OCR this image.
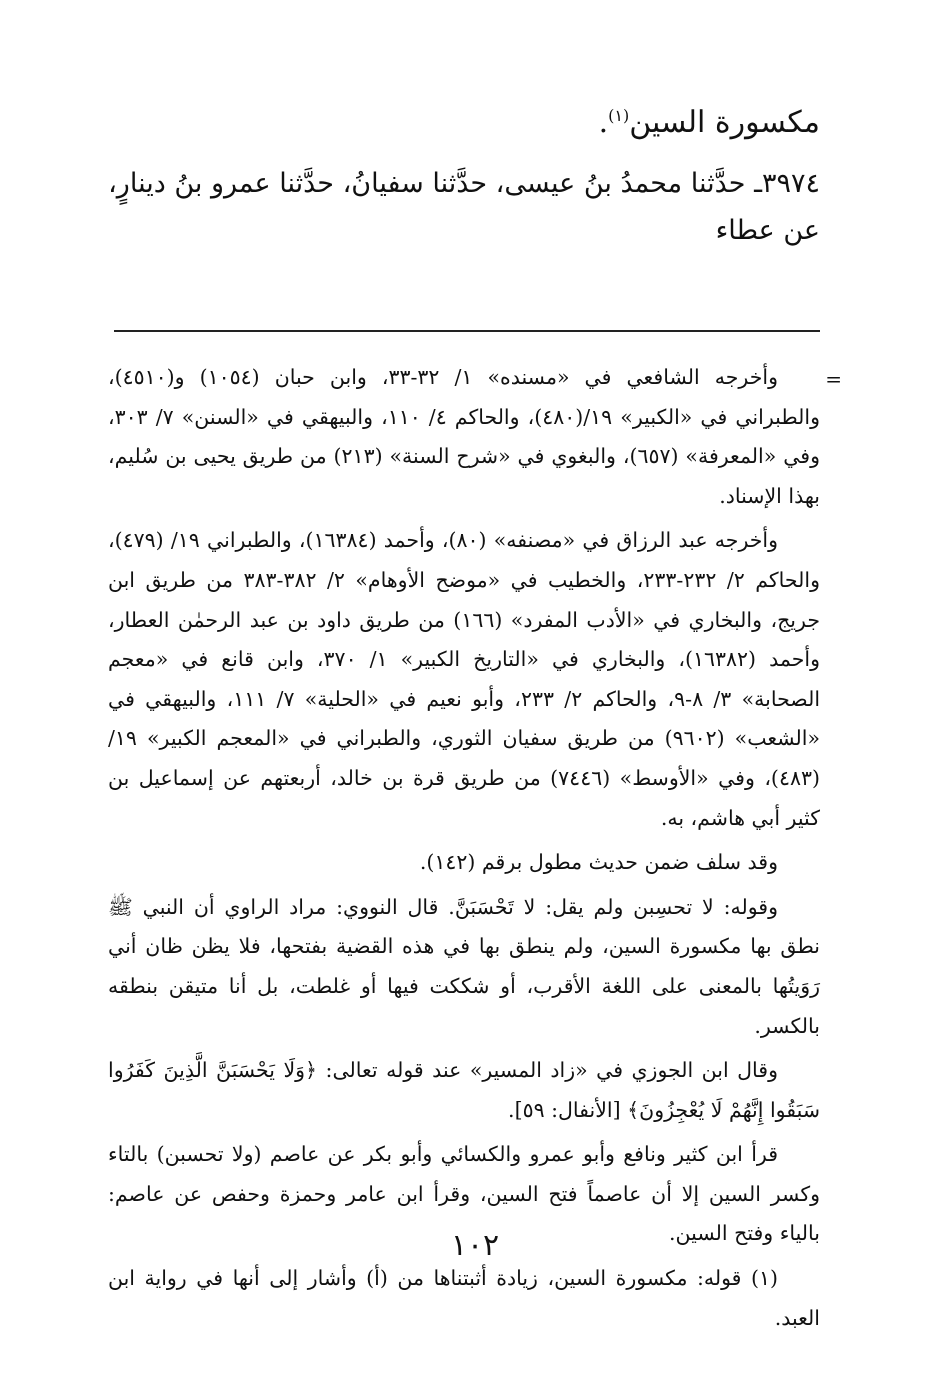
مكسورة السين$^{(١)}$.

٣٩٧٤ـ حدَّثنا محمدُ بنُ عيسى، حدَّثنا سفيانُ، حدَّثنا عمرو بنُ دينارٍ،

عن عطاء

=

وأخرجه الشافعي في «مسنده» ١/ ٣٢-٣٣، وابن حبان (١٠٥٤) و(٤٥١٠)، والطبراني في «الكبير» ١٩/(٤٨٠)، والحاكم ٤/ ١١٠، والبيهقي في «السنن» ٧/ ٣٠٣، وفي «المعرفة» (٦٥٧)، والبغوي في «شرح السنة» (٢١٣) من طريق يحيى بن سُليم، بهذا الإسناد.

وأخرجه عبد الرزاق في «مصنفه» (٨٠)، وأحمد (١٦٣٨٤)، والطبراني ١٩/ (٤٧٩)، والحاكم ٢/ ٢٣٢-٢٣٣، والخطيب في «موضح الأوهام» ٢/ ٣٨٢-٣٨٣ من طريق ابن جريج، والبخاري في «الأدب المفرد» (١٦٦) من طريق داود بن عبد الرحمٰن العطار، وأحمد (١٦٣٨٢)، والبخاري في «التاريخ الكبير» ١/ ٣٧٠، وابن قانع في «معجم الصحابة» ٣/ ٨-٩، والحاكم ٢/ ٢٣٣، وأبو نعيم في «الحلية» ٧/ ١١١، والبيهقي في «الشعب» (٩٦٠٢) من طريق سفيان الثوري، والطبراني في «المعجم الكبير» ١٩/ (٤٨٣)، وفي «الأوسط» (٧٤٤٦) من طريق قرة بن خالد، أربعتهم عن إسماعيل بن كثير أبي هاشم، به.

وقد سلف ضمن حديث مطول برقم (١٤٢).

وقوله: لا تحسِبن ولم يقل: لا تَحْسَبَنَّ. قال النووي: مراد الراوي أن النبي ﷺ نطق بها مكسورة السين، ولم ينطق بها في هذه القضية بفتحها، فلا يظن ظان أني رَوَيتُها بالمعنى على اللغة الأقرب، أو شككت فيها أو غلطت، بل أنا متيقن بنطقه بالكسر.

وقال ابن الجوزي في «زاد المسير» عند قوله تعالى: ﴿وَلَا يَحْسَبَنَّ الَّذِينَ كَفَرُوا سَبَقُوا إِنَّهُمْ لَا يُعْجِزُونَ﴾ [الأنفال: ٥٩].

قرأ ابن كثير ونافع وأبو عمرو والكسائي وأبو بكر عن عاصم (ولا تحسبن) بالتاء وكسر السين إلا أن عاصماً فتح السين، وقرأ ابن عامر وحمزة وحفص عن عاصم: بالياء وفتح السين.

(١) قوله: مكسورة السين، زيادة أثبتناها من (أ) وأشار إلى أنها في رواية ابن العبد.

١٠٢
